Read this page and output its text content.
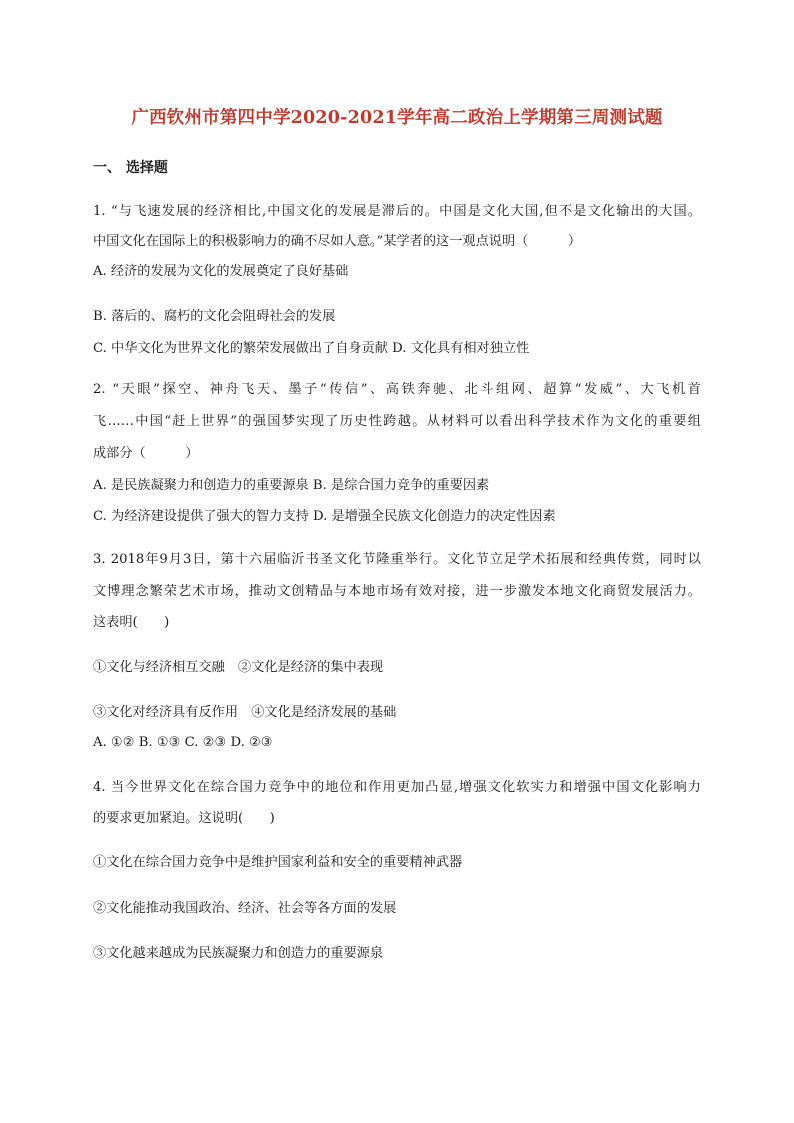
广西钦州市第四中学2020-2021学年高二政治上学期第三周测试题
一、 选择题
1. “与飞速发展的经济相比,中国文化的发展是滞后的。中国是文化大国,但不是文化输出的大国。
中国文化在国际上的积极影响力的确不尽如人意。”某学者的这一观点说明（　　　）
A. 经济的发展为文化的发展奠定了良好基础
B. 落后的、腐朽的文化会阻碍社会的发展
C. 中华文化为世界文化的繁荣发展做出了自身贡献 D. 文化具有相对独立性
2. “天眼”探空、神舟飞天、墨子“传信”、高铁奔驰、北斗组网、超算“发威”、大飞机首
飞……中国“赶上世界”的强国梦实现了历史性跨越。从材料可以看出科学技术作为文化的重要组
成部分（　　　）
A. 是民族凝聚力和创造力的重要源泉 B. 是综合国力竞争的重要因素
C. 为经济建设提供了强大的智力支持 D. 是增强全民族文化创造力的决定性因素
3. 2018年9月3日，第十六届临沂书圣文化节隆重举行。文化节立足学术拓展和经典传赏，同时以
文博理念繁荣艺术市场，推动文创精品与本地市场有效对接，进一步激发本地文化商贸发展活力。
这表明(　　)
①文化与经济相互交融　②文化是经济的集中表现
③文化对经济具有反作用　④文化是经济发展的基础
A. ①② B. ①③ C. ②③ D. ②③
4. 当今世界文化在综合国力竞争中的地位和作用更加凸显,增强文化软实力和增强中国文化影响力
的要求更加紧迫。这说明(　　)
①文化在综合国力竞争中是维护国家利益和安全的重要精神武器
②文化能推动我国政治、经济、社会等各方面的发展
③文化越来越成为民族凝聚力和创造力的重要源泉
